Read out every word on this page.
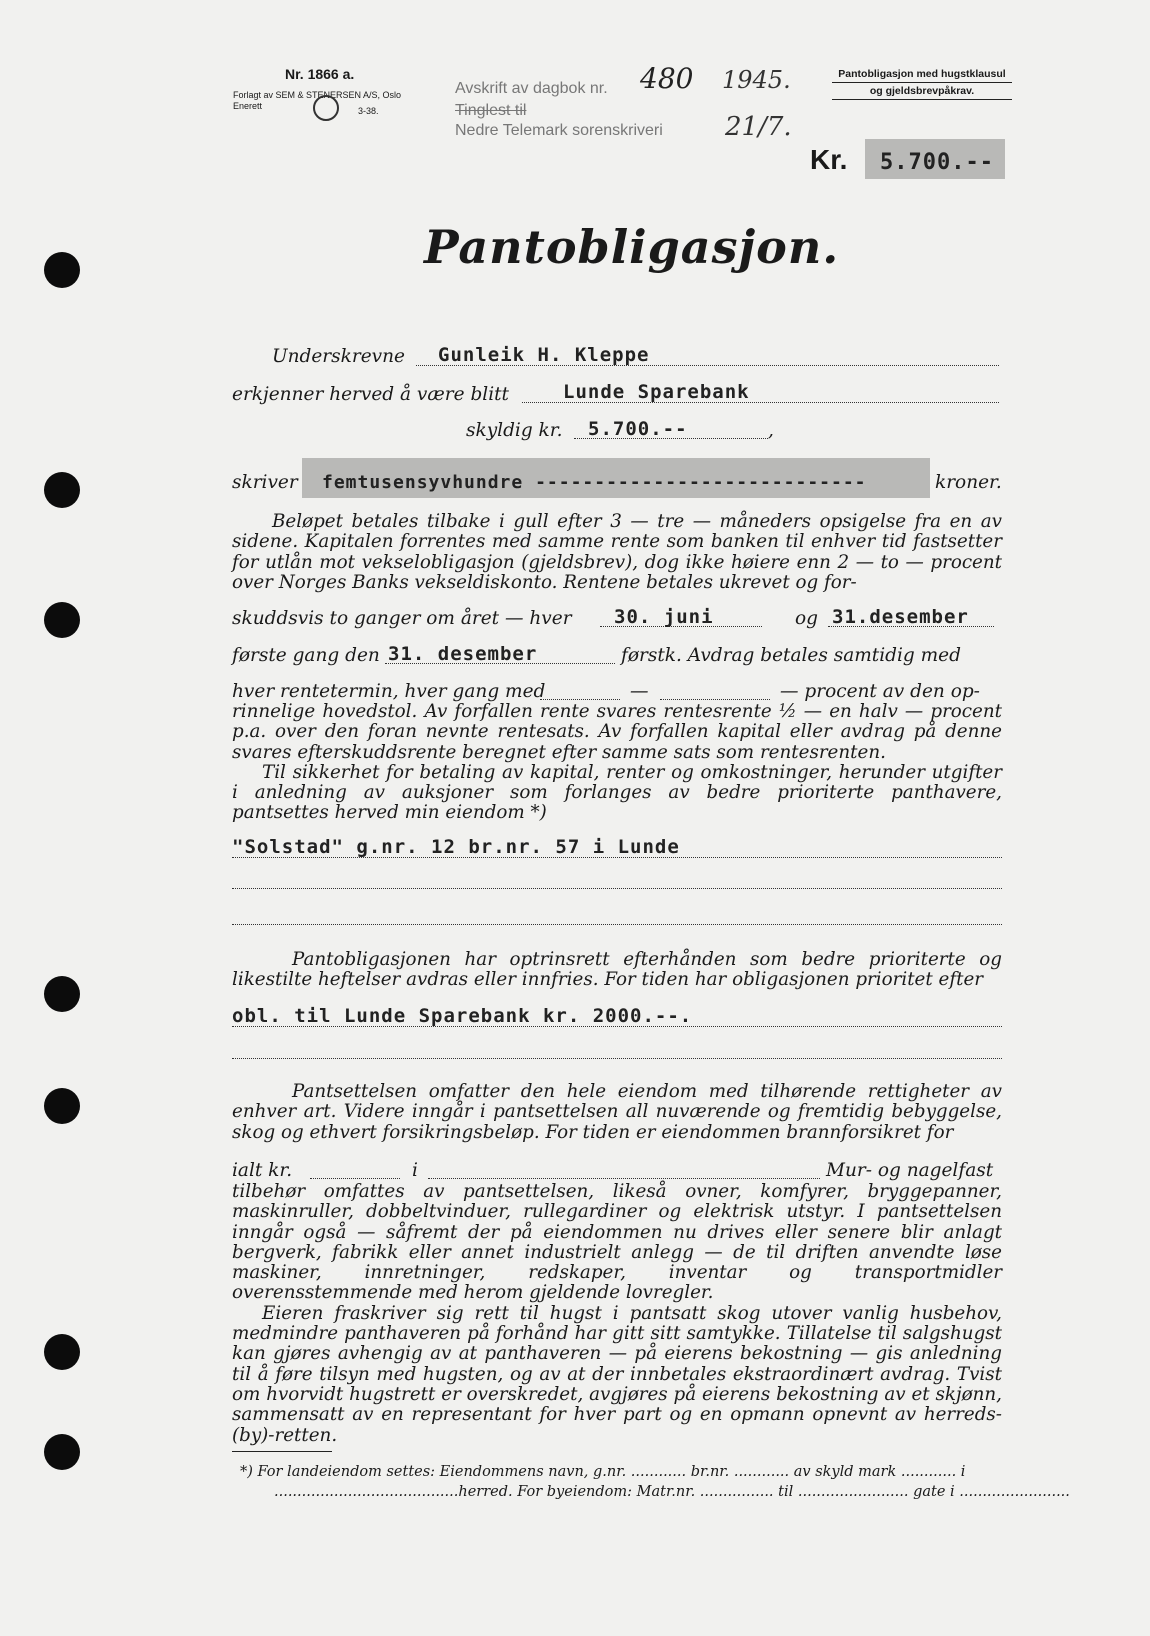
Nr. 1866 a.
Forlagt av SEM & STENERSEN A/S, Oslo
Enerett	3-38.
Avskrift av dagbok nr.
Tinglest til
Nedre Telemark sorenskriveri
480 1945.
21/7.
Pantobligasjon med hugstklausul
og gjeldsbrevpåkrav.
Kr. 5.700.--
Pantobligasjon.
Underskrevne Gunleik H. Kleppe
erkjenner herved å være blitt	Lunde Sparebank
skyldig kr. 5.700.--	,
skriver femtusensyvhundre ----------------------------	kroner.

Beløpet betales tilbake i gull efter 3 — tre — måneders opsigelse fra en av sidene. Kapitalen forrentes med samme rente som banken til enhver tid fastsetter for utlån mot vekselobligasjon (gjeldsbrev), dog ikke høiere enn 2 — to — procent over Norges Banks vekseldiskonto. Rentene betales ukrevet og for-

skuddsvis to ganger om året — hver 30. juni	og 31.desember
første gang den 31. desember	førstk. Avdrag betales samtidig med
hver rentetermin, hver gang med	—	— procent av den op-

rinnelige hovedstol. Av forfallen rente svares rentesrente ½ — en halv — procent p.a. over den foran nevnte rentesats. Av forfallen kapital eller avdrag på denne svares efterskuddsrente beregnet efter samme sats som rentesrenten.

Til sikkerhet for betaling av kapital, renter og omkostninger, herunder utgifter i anledning av auksjoner som forlanges av bedre prioriterte panthavere, pantsettes herved min eiendom *)

"Solstad" g.nr. 12 br.nr. 57 i Lunde

Pantobligasjonen har optrinsrett efterhånden som bedre prioriterte og likestilte heftelser avdras eller innfries. For tiden har obligasjonen prioritet efter

obl. til Lunde Sparebank kr. 2000.--.

Pantsettelsen omfatter den hele eiendom med tilhørende rettigheter av enhver art. Videre inngår i pantsettelsen all nuværende og fremtidig bebyggelse, skog og ethvert forsikringsbeløp. For tiden er eiendommen brannforsikret for

ialt kr.	i	Mur- og nagelfast

tilbehør omfattes av pantsettelsen, likeså ovner, komfyrer, bryggepanner, maskinruller, dobbeltvinduer, rullegardiner og elektrisk utstyr. I pantsettelsen inngår også — såfremt der på eiendommen nu drives eller senere blir anlagt bergverk, fabrikk eller annet industrielt anlegg — de til driften anvendte løse maskiner, innretninger, redskaper, inventar og transportmidler overensstemmende med herom gjeldende lovregler.

Eieren fraskriver sig rett til hugst i pantsatt skog utover vanlig husbehov, medmindre panthaveren på forhånd har gitt sitt samtykke. Tillatelse til salgshugst kan gjøres avhengig av at panthaveren — på eierens bekostning — gis anledning til å føre tilsyn med hugsten, og av at der innbetales ekstraordinært avdrag. Tvist om hvorvidt hugstrett er overskredet, avgjøres på eierens bekostning av et skjønn, sammensatt av en representant for hver part og en opmann opnevnt av herreds-(by)-retten.

*) For landeiendom settes: Eiendommens navn, g.nr. ............ br.nr. ............ av skyld mark ............ i
........................................herred. For byeiendom: Matr.nr. ................ til ........................ gate i ........................
